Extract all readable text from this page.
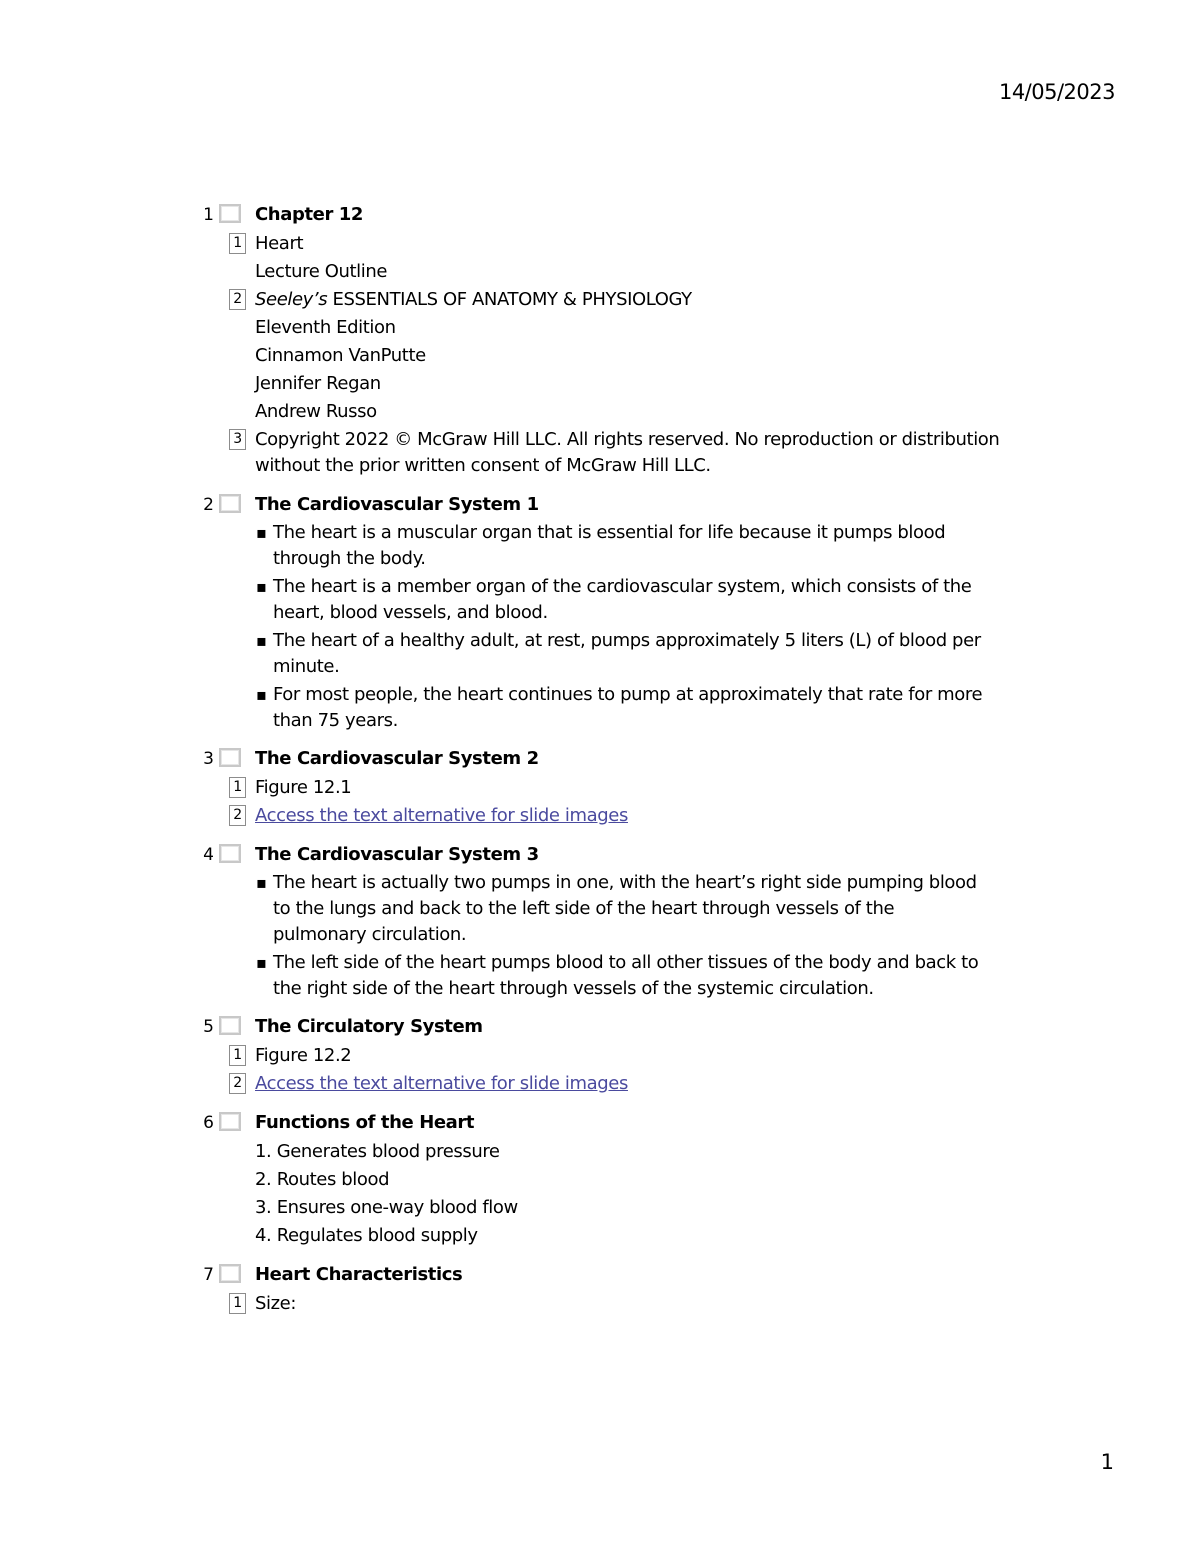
14/05/2023
1 Chapter 12
1 Heart
Lecture Outline
2 Seeley’s ESSENTIALS OF ANATOMY & PHYSIOLOGY
Eleventh Edition
Cinnamon VanPutte
Jennifer Regan
Andrew Russo
3 Copyright 2022 © McGraw Hill LLC. All rights reserved. No reproduction or distribution without the prior written consent of McGraw Hill LLC.
2 The Cardiovascular System 1
▪ The heart is a muscular organ that is essential for life because it pumps blood through the body.
▪ The heart is a member organ of the cardiovascular system, which consists of the heart, blood vessels, and blood.
▪ The heart of a healthy adult, at rest, pumps approximately 5 liters (L) of blood per minute.
▪ For most people, the heart continues to pump at approximately that rate for more than 75 years.
3 The Cardiovascular System 2
1 Figure 12.1
2 Access the text alternative for slide images
4 The Cardiovascular System 3
▪ The heart is actually two pumps in one, with the heart’s right side pumping blood to the lungs and back to the left side of the heart through vessels of the pulmonary circulation.
▪ The left side of the heart pumps blood to all other tissues of the body and back to the right side of the heart through vessels of the systemic circulation.
5 The Circulatory System
1 Figure 12.2
2 Access the text alternative for slide images
6 Functions of the Heart
1. Generates blood pressure
2. Routes blood
3. Ensures one-way blood flow
4. Regulates blood supply
7 Heart Characteristics
1 Size:
1
